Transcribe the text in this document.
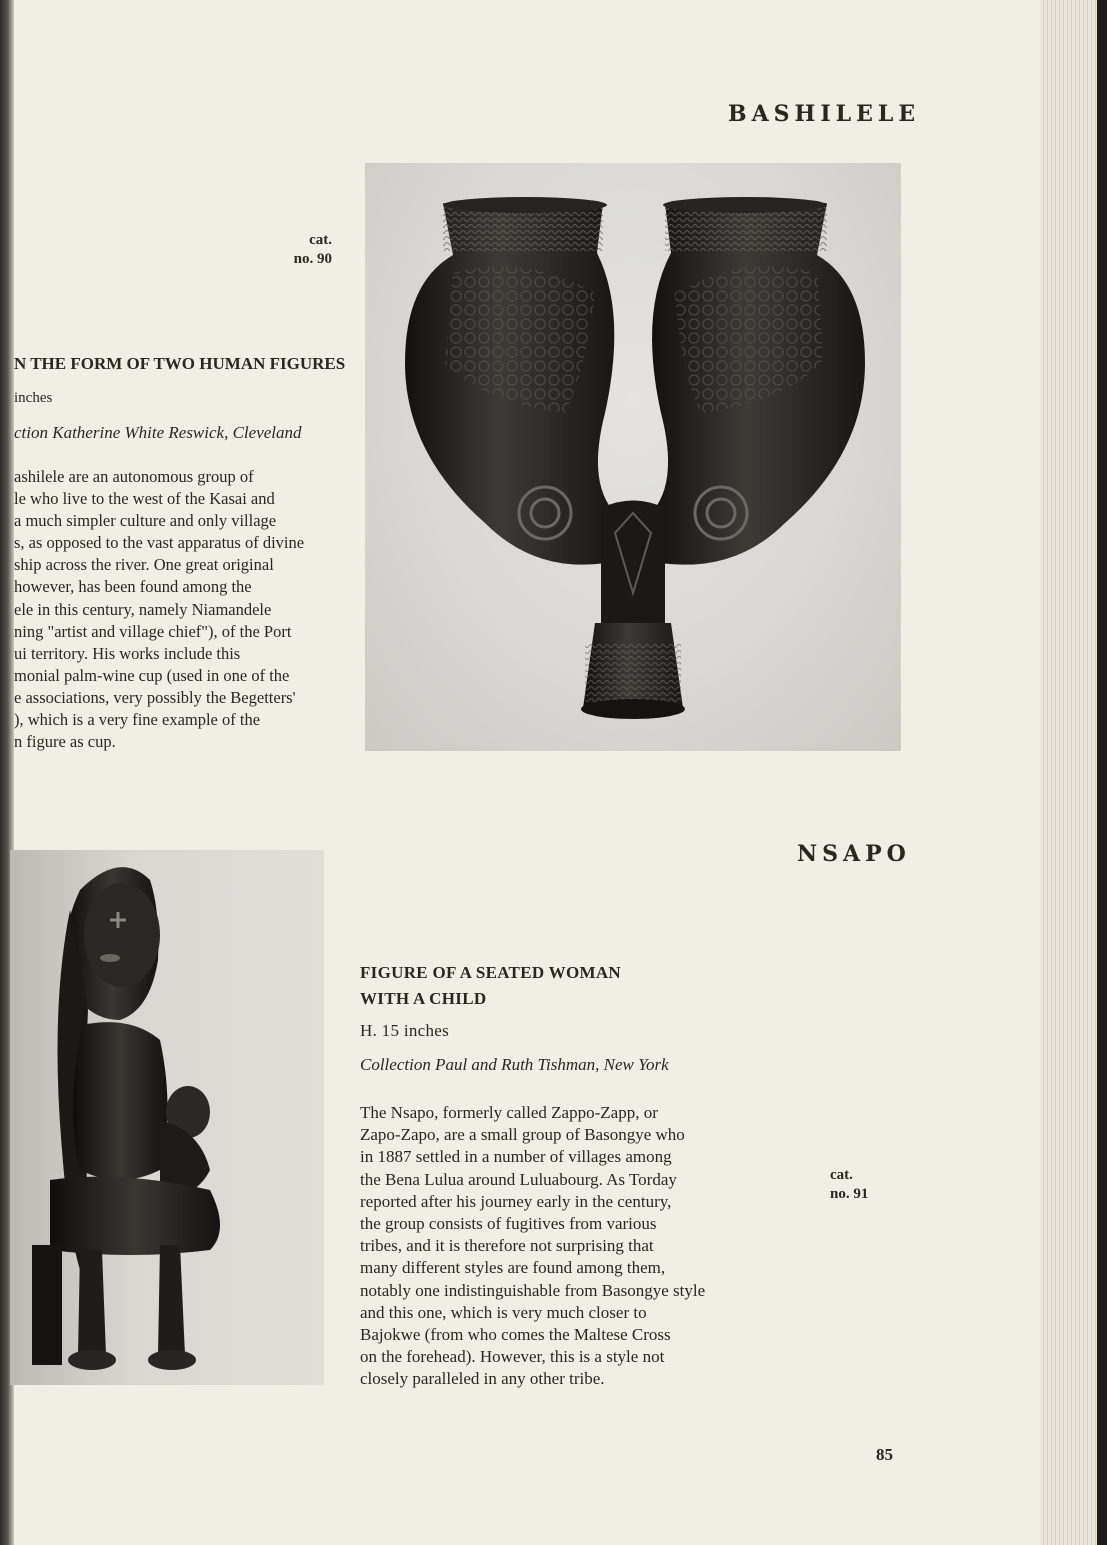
BASHILELE
cat.
no. 90
N THE FORM OF TWO HUMAN FIGURES
inches
ction Katherine White Reswick, Cleveland
ashilele are an autonomous group of
le who live to the west of the Kasai and
a much simpler culture and only village
s, as opposed to the vast apparatus of divine
ship across the river. One great original
however, has been found among the
ele in this century, namely Niamandele
ning "artist and village chief"), of the Port
ui territory. His works include this
monial palm-wine cup (used in one of the
e associations, very possibly the Begetters'
), which is a very fine example of the
n figure as cup.
NSAPO
FIGURE OF A SEATED WOMAN
WITH A CHILD
H. 15 inches
Collection Paul and Ruth Tishman, New York
The Nsapo, formerly called Zappo-Zapp, or
Zapo-Zapo, are a small group of Basongye who
in 1887 settled in a number of villages among
the Bena Lulua around Luluabourg. As Torday
reported after his journey early in the century,
the group consists of fugitives from various
tribes, and it is therefore not surprising that
many different styles are found among them,
notably one indistinguishable from Basongye style
and this one, which is very much closer to
Bajokwe (from who comes the Maltese Cross
on the forehead). However, this is a style not
closely paralleled in any other tribe.
cat.
no. 91
85
